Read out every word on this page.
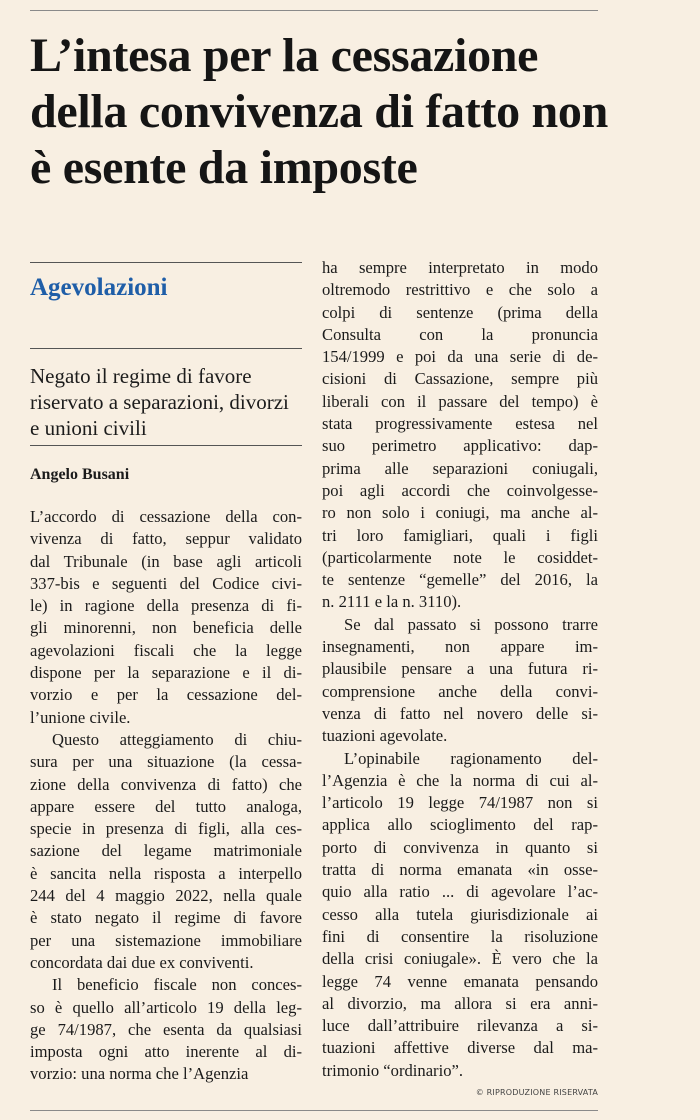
L’intesa per la cessazione della convivenza di fatto non è esente da imposte
Agevolazioni
Negato il regime di favore riservato a separazioni, divorzi e unioni civili
Angelo Busani
L’accordo di cessazione della con-
vivenza di fatto, seppur validato
dal Tribunale (in base agli articoli
337-bis e seguenti del Codice civi-
le) in ragione della presenza di fi-
gli minorenni, non beneficia delle
agevolazioni fiscali che la legge
dispone per la separazione e il di-
vorzio e per la cessazione del-
l’unione civile.
Questo atteggiamento di chiu-
sura per una situazione (la cessa-
zione della convivenza di fatto) che
appare essere del tutto analoga,
specie in presenza di figli, alla ces-
sazione del legame matrimoniale
è sancita nella risposta a interpello
244 del 4 maggio 2022, nella quale
è stato negato il regime di favore
per una sistemazione immobiliare
concordata dai due ex conviventi.
Il beneficio fiscale non conces-
so è quello all’articolo 19 della leg-
ge 74/1987, che esenta da qualsiasi
imposta ogni atto inerente al di-
vorzio: una norma che l’Agenzia
ha sempre interpretato in modo
oltremodo restrittivo e che solo a
colpi di sentenze (prima della
Consulta con la pronuncia
154/1999 e poi da una serie di de-
cisioni di Cassazione, sempre più
liberali con il passare del tempo) è
stata progressivamente estesa nel
suo perimetro applicativo: dap-
prima alle separazioni coniugali,
poi agli accordi che coinvolgesse-
ro non solo i coniugi, ma anche al-
tri loro famigliari, quali i figli
(particolarmente note le cosiddet-
te sentenze “gemelle” del 2016, la
n. 2111 e la n. 3110).
Se dal passato si possono trarre
insegnamenti, non appare im-
plausibile pensare a una futura ri-
comprensione anche della convi-
venza di fatto nel novero delle si-
tuazioni agevolate.
L’opinabile ragionamento del-
l’Agenzia è che la norma di cui al-
l’articolo 19 legge 74/1987 non si
applica allo scioglimento del rap-
porto di convivenza in quanto si
tratta di norma emanata «in osse-
quio alla ratio ... di agevolare l’ac-
cesso alla tutela giurisdizionale ai
fini di consentire la risoluzione
della crisi coniugale». È vero che la
legge 74 venne emanata pensando
al divorzio, ma allora si era anni-
luce dall’attribuire rilevanza a si-
tuazioni affettive diverse dal ma-
trimonio “ordinario”.
© RIPRODUZIONE RISERVATA
